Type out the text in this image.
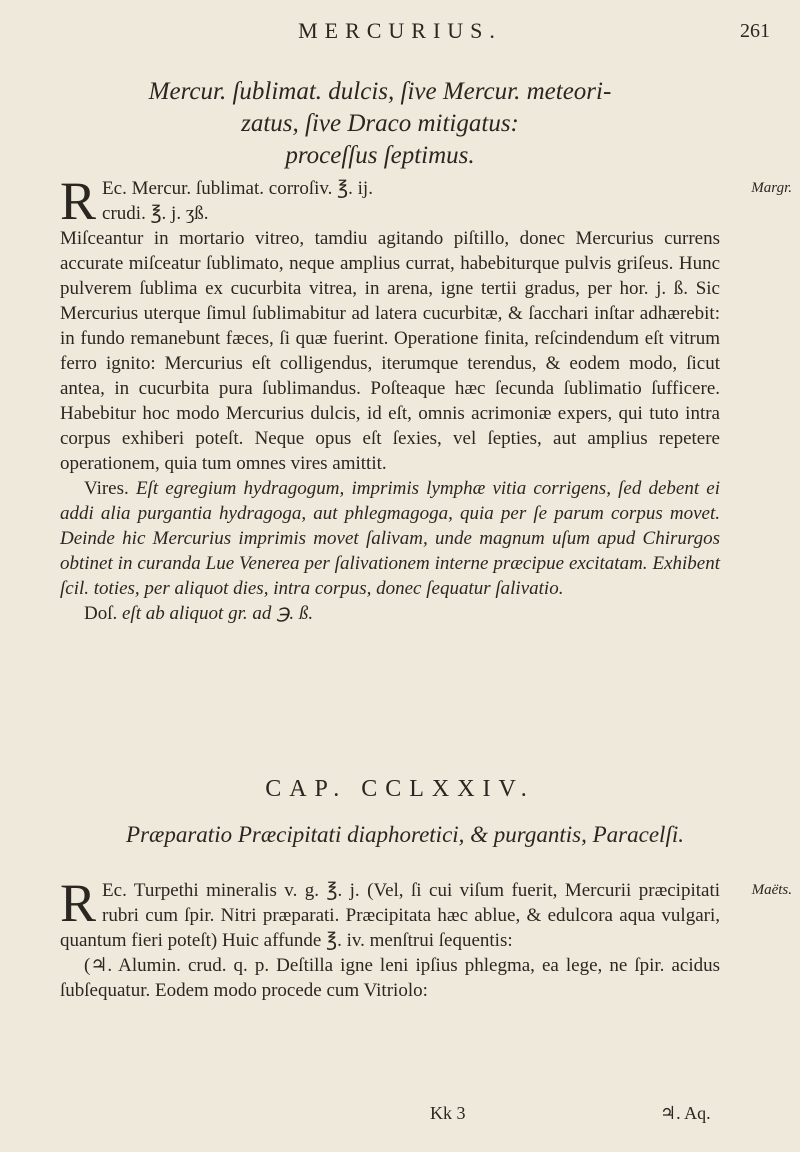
MERCURIUS.	261
Mercur. ſublimat. dulcis, ſive Mercur. meteori-
zatus, ſive Draco mitigatus:
proceſſus ſeptimus.
Margr.
R Ec. Mercur. ſublimat. corroſiv. ℥. ij.
crudi. ℥. j. ʒß.
Miſceantur in mortario vitreo, tamdiu agitando piſtillo, donec Mercurius currens accurate miſceatur ſublimato, neque amplius currat, habebiturque pulvis griſeus. Hunc pulverem ſublima ex cucurbita vitrea, in arena, igne tertii gradus, per hor. j. ß. Sic Mercurius uterque ſimul ſublimabitur ad latera cucurbitæ, & ſacchari inſtar adhærebit: in fundo remanebunt fæces, ſi quæ fuerint. Operatione finita, reſcindendum eſt vitrum ferro ignito: Mercurius eſt colligendus, iterumque terendus, & eodem modo, ſicut antea, in cucurbita pura ſublimandus. Poſteaque hæc ſecunda ſublimatio ſufficere. Habebitur hoc modo Mercurius dulcis, id eſt, omnis acrimoniæ expers, qui tuto intra corpus exhiberi poteſt. Neque opus eſt ſexies, vel ſepties, aut amplius repetere operationem, quia tum omnes vires amittit.
Vires. Eſt egregium hydragogum, imprimis lymphæ vitia corrigens, ſed debent ei addi alia purgantia hydragoga, aut phlegmagoga, quia per ſe parum corpus movet. Deinde hic Mercurius imprimis movet ſalivam, unde magnum uſum apud Chirurgos obtinet in curanda Lue Venerea per ſalivationem interne præcipue excitatam. Exhibent ſcil. toties, per aliquot dies, intra corpus, donec ſequatur ſalivatio.
Doſ. eſt ab aliquot gr. ad ℈. ß.
CAP. CCLXXIV.
Præparatio Præcipitati diaphoretici, & purgantis, Paracelſi.
Maëts.
R Ec. Turpethi mineralis v. g. ℥. j. (Vel, ſi cui viſum fuerit, Mercurii præcipitati rubri cum ſpir. Nitri præparati. Præcipitata hæc ablue, & edulcora aqua vulgari, quantum fieri poteſt) Huic affunde ℥. iv. menſtrui ſequentis:
(♃. Alumin. crud. q. p. Deſtilla igne leni ipſius phlegma, ea lege, ne ſpir. acidus ſubſequatur. Eodem modo procede cum Vitriolo:
Kk 3	♃. Aq.
